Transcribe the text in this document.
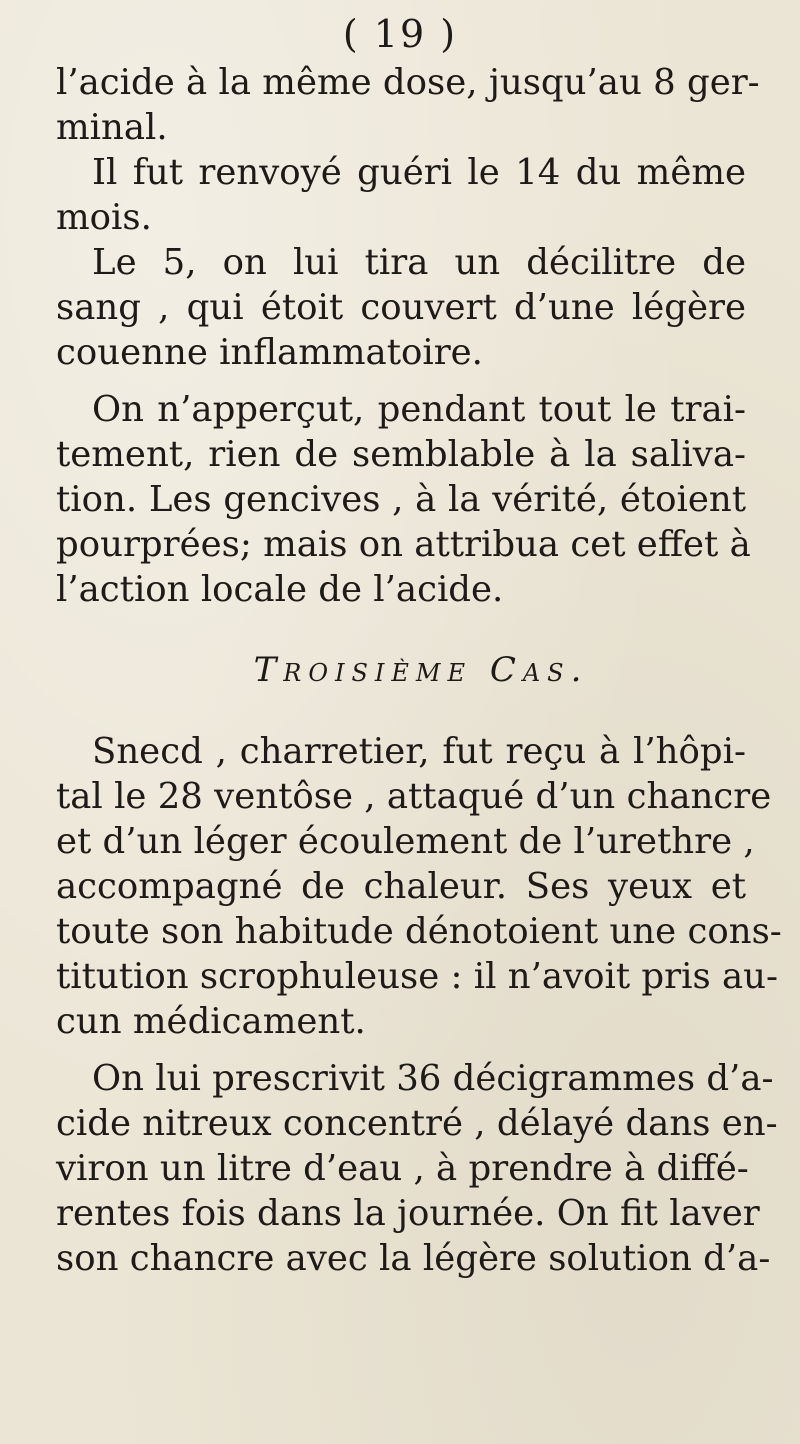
( 19 )
l’acide à la même dose, jusqu’au 8 ger-
minal.
Il fut renvoyé guéri le 14 du même
mois.
Le 5, on lui tira un décilitre de
sang , qui étoit couvert d’une légère
couenne inflammatoire.
On n’apperçut, pendant tout le trai-
tement, rien de semblable à la saliva-
tion. Les gencives , à la vérité, étoient
pourprées; mais on attribua cet effet à
l’action locale de l’acide.
Troisième Cas.
Snecd , charretier, fut reçu à l’hôpi-
tal le 28 ventôse , attaqué d’un chancre
et d’un léger écoulement de l’urethre ,
accompagné de chaleur. Ses yeux et
toute son habitude dénotoient une cons-
titution scrophuleuse : il n’avoit pris au-
cun médicament.
On lui prescrivit 36 décigrammes d’a-
cide nitreux concentré , délayé dans en-
viron un litre d’eau , à prendre à diffé-
rentes fois dans la journée. On fit laver
son chancre avec la légère solution d’a-
